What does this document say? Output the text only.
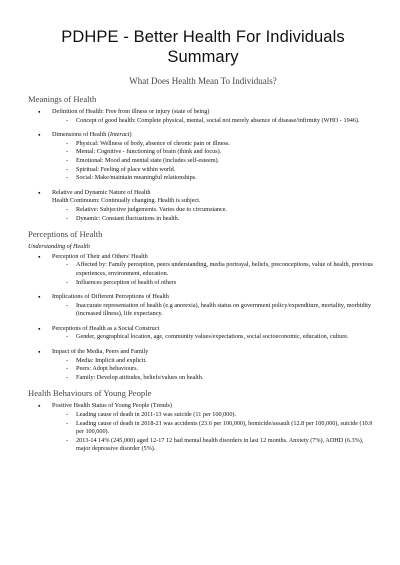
PDHPE - Better Health For Individuals Summary
What Does Health Mean To Individuals?
Meanings of Health
● Definition of Health: Free from illness or injury (state of being)
- Concept of good health: Complete physical, mental, social not merely absence of disease/infirmity (WHO - 1946).
● Dimensions of Health (Interact)
- Physical: Wellness of body, absence of chronic pain or illness.
- Mental: Cognitive - functioning of brain (think and focus).
- Emotional: Mood and mental state (includes self-esteem).
- Spiritual: Feeling of place within world.
- Social: Make/maintain meaningful relationships.
● Relative and Dynamic Nature of Health
Health Continuum: Continually changing. Health is subject.
- Relative: Subjective judgements. Varies due to circumstance.
- Dynamic: Constant fluctuations in health.
Perceptions of Health
Understanding of Health
● Perception of Their and Others' Health
- Affected by: Family perception, peers understanding, media portrayal, beliefs, preconceptions, value of health, previous experiences, environment, education.
- Influences perception of health of others
● Implications of Different Perceptions of Health
- Inaccurate representation of health (e.g anorexia), health status on government policy/expenditure, mortality, morbidity (increased illness), life expectancy.
● Perceptions of Health as a Social Construct
- Gender, geographical location, age, community values/expectations, social socioeconomic, education, culture.
● Impact of the Media, Peers and Family
- Media: Implicit and explicit.
- Peers: Adopt behaviours.
- Family: Develop attitudes, beliefs/values on health.
Health Behaviours of Young People
● Positive Health Status of Young People (Trends)
- Leading cause of death in 2011-13 was suicide (11 per 100,000).
- Leading cause of death in 2018-21 was accidents (23.6 per 100,000), homicide/assault (12.8 per 100,000), suicide (10.9 per 100,000).
- 2013-14 14% (245,000) aged 12-17 12 had mental health disorders in last 12 months. Anxiety (7%), ADHD (6.3%), major depressive disorder (5%).
